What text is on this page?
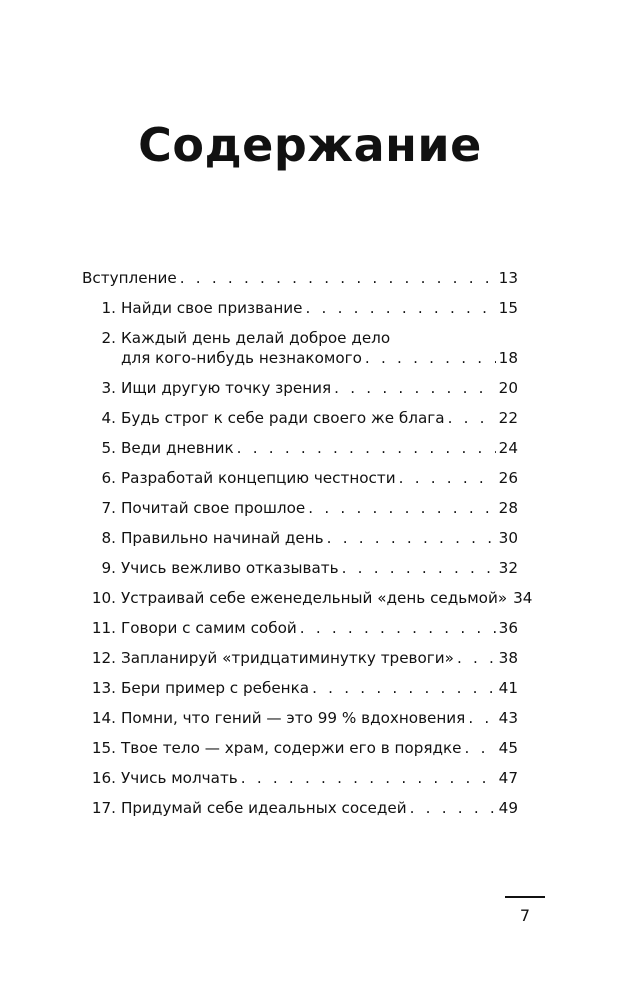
Содержание
Вступление . . .	13
1. Найди свое призвание . . .	15
2. Каждый день делай доброе дело
для кого-нибудь незнакомого . . .	18
3. Ищи другую точку зрения . . .	20
4. Будь строг к себе ради своего же блага . . .	22
5. Веди дневник . . .	24
6. Разработай концепцию честности . . .	26
7. Почитай свое прошлое . . .	28
8. Правильно начинай день . . .	30
9. Учись вежливо отказывать . . .	32
10. Устраивай себе еженедельный «день седьмой» 34
11. Говори с самим собой . . .	36
12. Запланируй «тридцатиминутку тревоги» . . .	38
13. Бери пример с ребенка . . .	41
14. Помни, что гений — это 99 % вдохновения . . . 43
15. Твое тело — храм, содержи его в порядке . . . 45
16. Учись молчать . . .	47
17. Придумай себе идеальных соседей . . .	49
7
